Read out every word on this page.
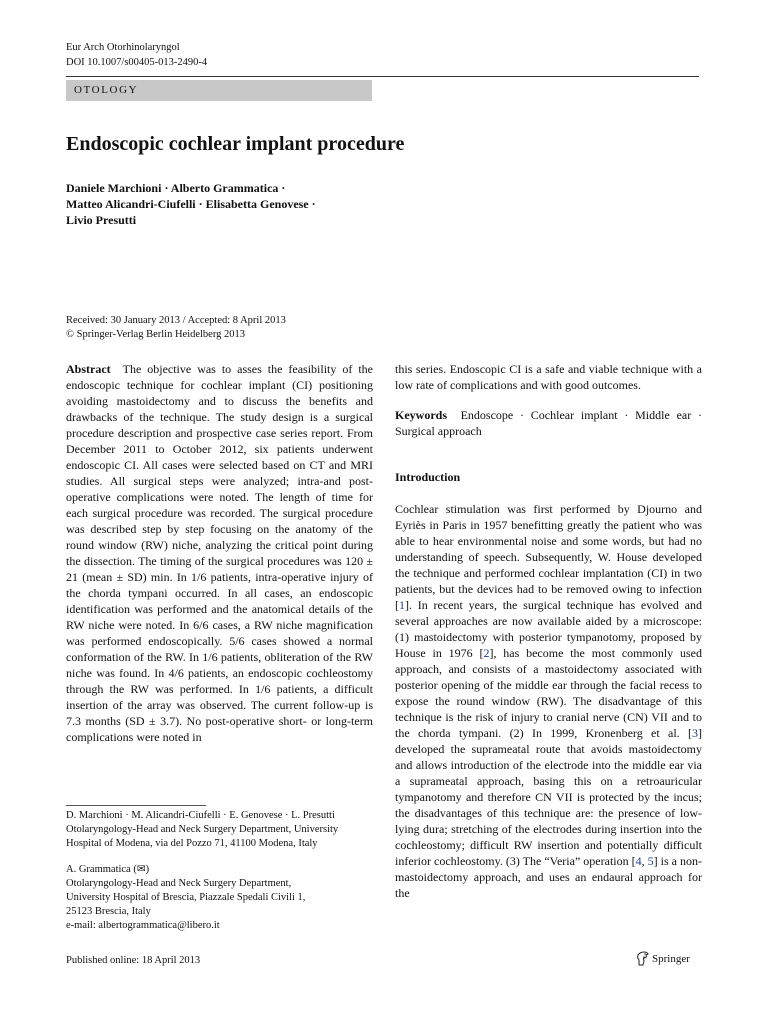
Eur Arch Otorhinolaryngol
DOI 10.1007/s00405-013-2490-4
OTOLOGY
Endoscopic cochlear implant procedure
Daniele Marchioni · Alberto Grammatica ·
Matteo Alicandri-Ciufelli · Elisabetta Genovese ·
Livio Presutti
Received: 30 January 2013 / Accepted: 8 April 2013
© Springer-Verlag Berlin Heidelberg 2013
Abstract The objective was to asses the feasibility of the endoscopic technique for cochlear implant (CI) positioning avoiding mastoidectomy and to discuss the benefits and drawbacks of the technique. The study design is a surgical procedure description and prospective case series report. From December 2011 to October 2012, six patients underwent endoscopic CI. All cases were selected based on CT and MRI studies. All surgical steps were analyzed; intra-and post-operative complications were noted. The length of time for each surgical procedure was recorded. The surgical procedure was described step by step focusing on the anatomy of the round window (RW) niche, analyzing the critical point during the dissection. The timing of the surgical procedures was 120 ± 21 (mean ± SD) min. In 1/6 patients, intra-operative injury of the chorda tympani occurred. In all cases, an endoscopic identification was performed and the anatomical details of the RW niche were noted. In 6/6 cases, a RW niche magnification was performed endoscopically. 5/6 cases showed a normal conformation of the RW. In 1/6 patients, obliteration of the RW niche was found. In 4/6 patients, an endoscopic cochleostomy through the RW was performed. In 1/6 patients, a difficult insertion of the array was observed. The current follow-up is 7.3 months (SD ± 3.7). No post-operative short- or long-term complications were noted in
this series. Endoscopic CI is a safe and viable technique with a low rate of complications and with good outcomes.
Keywords Endoscope · Cochlear implant · Middle ear · Surgical approach
Introduction
Cochlear stimulation was first performed by Djourno and Eyriès in Paris in 1957 benefitting greatly the patient who was able to hear environmental noise and some words, but had no understanding of speech. Subsequently, W. House developed the technique and performed cochlear implantation (CI) in two patients, but the devices had to be removed owing to infection [1]. In recent years, the surgical technique has evolved and several approaches are now available aided by a microscope: (1) mastoidectomy with posterior tympanotomy, proposed by House in 1976 [2], has become the most commonly used approach, and consists of a mastoidectomy associated with posterior opening of the middle ear through the facial recess to expose the round window (RW). The disadvantage of this technique is the risk of injury to cranial nerve (CN) VII and to the chorda tympani. (2) In 1999, Kronenberg et al. [3] developed the suprameatal route that avoids mastoidectomy and allows introduction of the electrode into the middle ear via a suprameatal approach, basing this on a retroauricular tympanotomy and therefore CN VII is protected by the incus; the disadvantages of this technique are: the presence of low-lying dura; stretching of the electrodes during insertion into the cochleostomy; difficult RW insertion and potentially difficult inferior cochleostomy. (3) The “Veria” operation [4, 5] is a non-mastoidectomy approach, and uses an endaural approach for the
D. Marchioni · M. Alicandri-Ciufelli · E. Genovese · L. Presutti
Otolaryngology-Head and Neck Surgery Department, University
Hospital of Modena, via del Pozzo 71, 41100 Modena, Italy
A. Grammatica (✉)
Otolaryngology-Head and Neck Surgery Department,
University Hospital of Brescia, Piazzale Spedali Civili 1,
25123 Brescia, Italy
e-mail: albertogrammatica@libero.it
Published online: 18 April 2013	Springer
